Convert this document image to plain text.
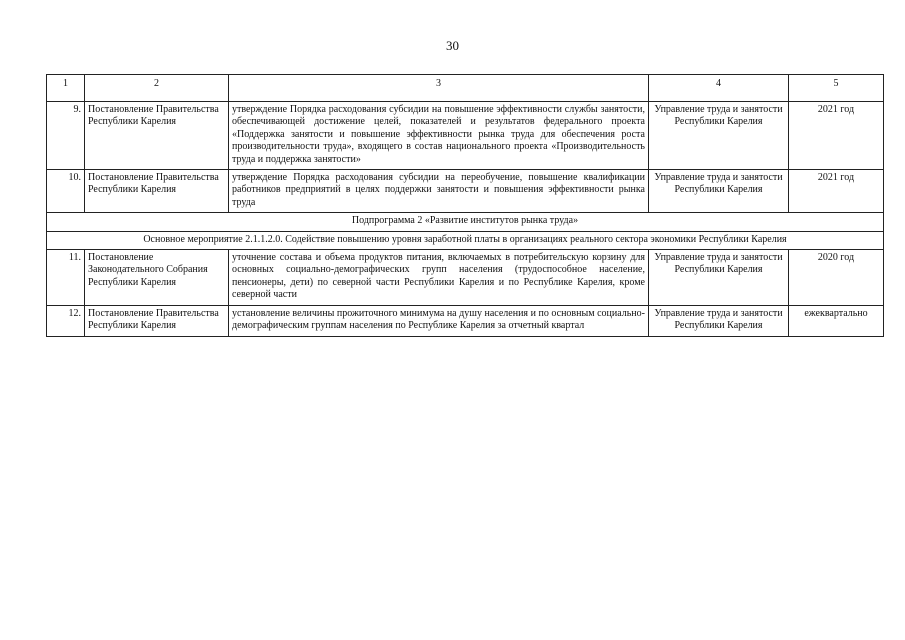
30
1	2	3	4	5
9.	Постановление Правительства Республики Карелия	утверждение Порядка расходования субсидии на повышение эффективности службы занятости, обеспечивающей достижение целей, показателей и результатов федерального проекта «Поддержка занятости и повышение эффективности рынка труда для обеспечения роста производительности труда», входящего в состав национального проекта «Производительность труда и поддержка занятости»	Управление труда и занятости Республики Карелия	2021 год
10.	Постановление Правительства Республики Карелия	утверждение Порядка расходования субсидии на переобучение, повышение квалификации работников предприятий в целях поддержки занятости и повышения эффективности рынка труда	Управление труда и занятости Республики Карелия	2021 год
Подпрограмма 2 «Развитие институтов рынка труда»				
Основное мероприятие 2.1.1.2.0. Содействие повышению уровня заработной платы в организациях реального сектора экономики Республики Карелия				
11.	Постановление Законодательного Собрания Республики Карелия	уточнение состава и объема продуктов питания, включаемых в потребительскую корзину для основных социально-демографических групп населения (трудоспособное население, пенсионеры, дети) по северной части Республики Карелия и по Республике Карелия, кроме северной части	Управление труда и занятости Республики Карелия	2020 год
12.	Постановление Правительства Республики Карелия	установление величины прожиточного минимума на душу населения и по основным социально-демографическим группам населения по Республике Карелия за отчетный квартал	Управление труда и занятости Республики Карелия	ежеквартально
